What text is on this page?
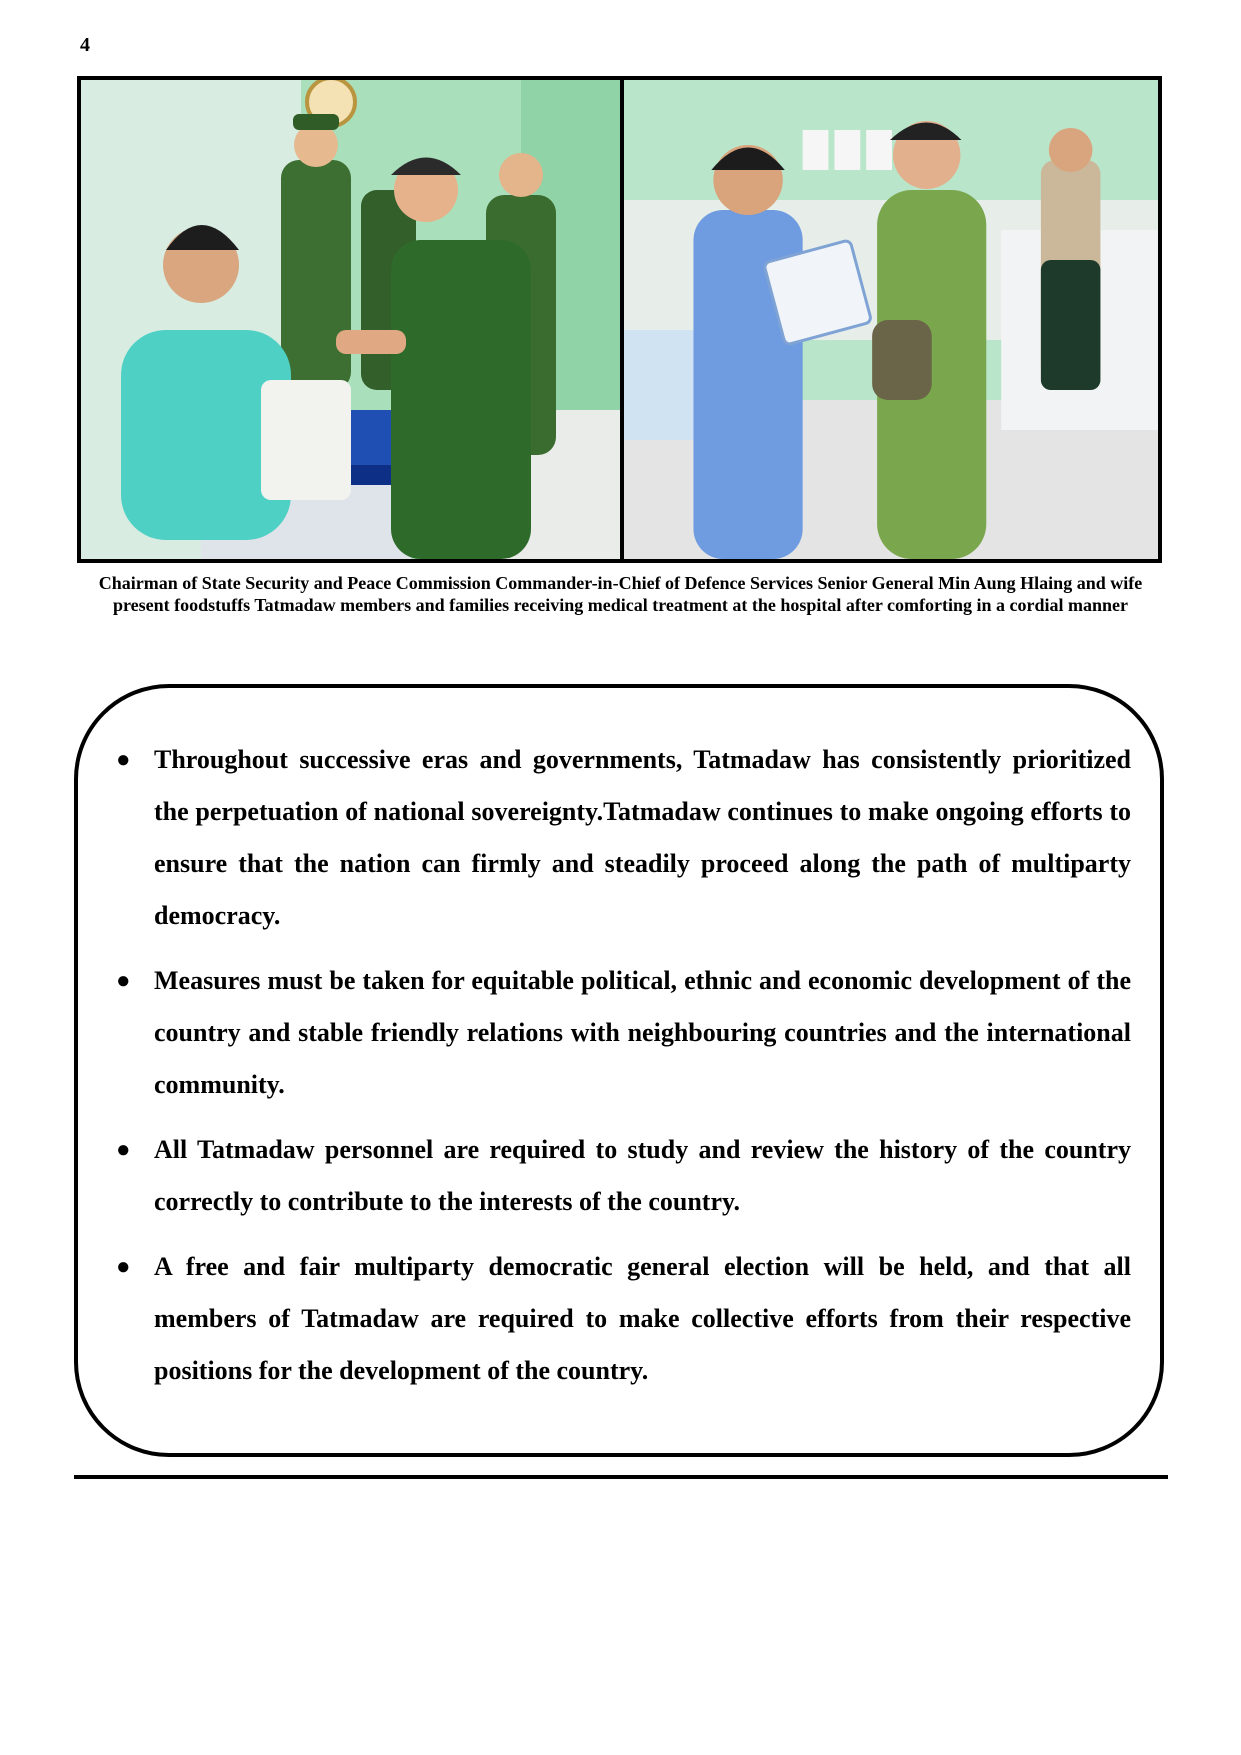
4
Chairman of State Security and Peace Commission Commander-in-Chief of Defence Services Senior General Min Aung Hlaing and wife present foodstuffs Tatmadaw members and families receiving medical treatment at the hospital after comforting in a cordial manner
● Throughout successive eras and governments, Tatmadaw has consistently prioritized the perpetuation of national sovereignty.Tatmadaw continues to make ongoing efforts to ensure that the nation can firmly and steadily proceed along the path of multiparty democracy.
● Measures must be taken for equitable political, ethnic and economic development of the country and stable friendly relations with neighbouring countries and the international community.
● All Tatmadaw personnel are required to study and review the history of the country correctly to contribute to the interests of the country.
● A free and fair multiparty democratic general election will be held, and that all members of Tatmadaw are required to make collective efforts from their respective positions for the development of the country.
